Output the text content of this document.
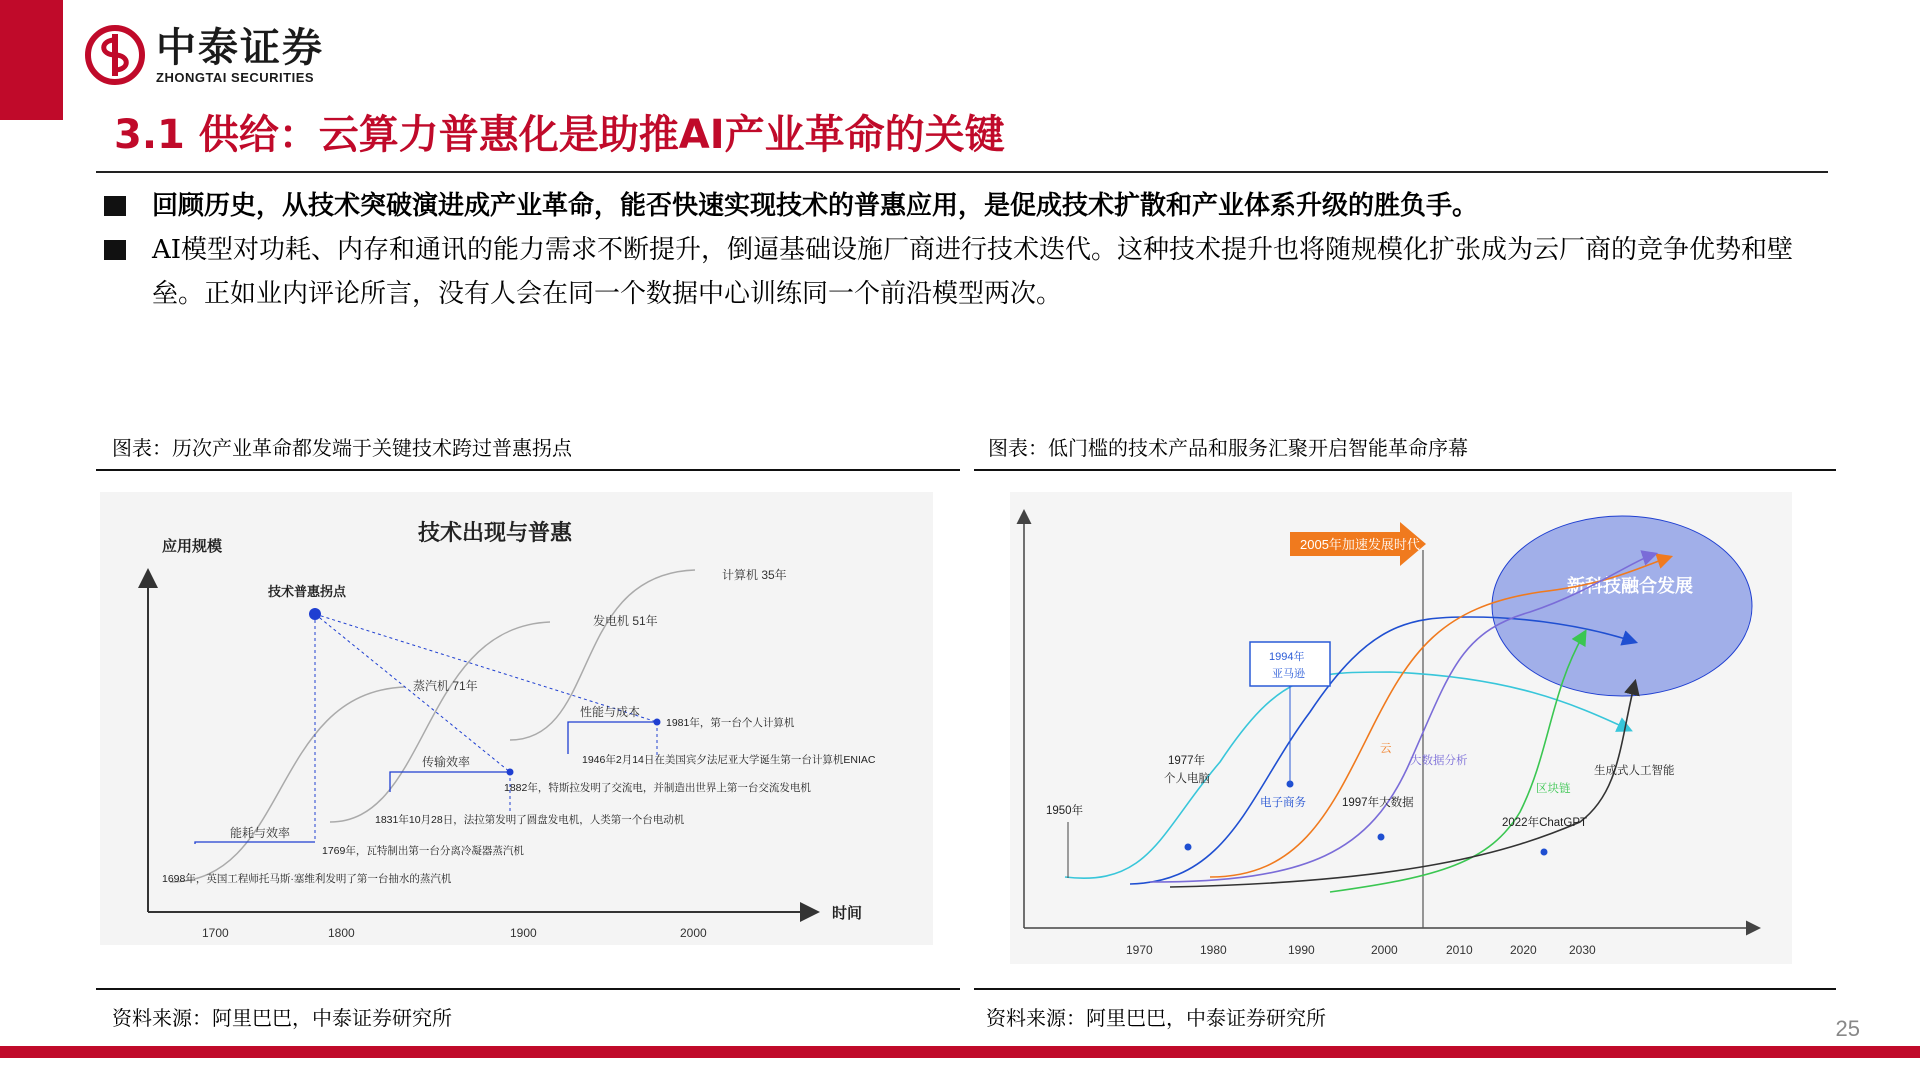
中泰证券
ZHONGTAI SECURITIES
3.1 供给：云算力普惠化是助推AI产业革命的关键
回顾历史，从技术突破演进成产业革命，能否快速实现技术的普惠应用，是促成技术扩散和产业体系升级的胜负手。
AI模型对功耗、内存和通讯的能力需求不断提升，倒逼基础设施厂商进行技术迭代。这种技术提升也将随规模化扩张成为云厂商的竞争优势和壁垒。正如业内评论所言，没有人会在同一个数据中心训练同一个前沿模型两次。
图表：历次产业革命都发端于关键技术跨过普惠拐点
技术出现与普惠
应用规模
时间
1700	1800	1900	2000
蒸汽机 71年
发电机 51年
计算机 35年
技术普惠拐点
能耗与效率
传输效率
性能与成本
1698年，英国工程师托马斯·塞维利发明了第一台抽水的蒸汽机
1769年，瓦特制出第一台分离冷凝器蒸汽机
1831年10月28日，法拉第发明了圆盘发电机，人类第一个台电动机
1882年，特斯拉发明了交流电，并制造出世界上第一台交流发电机
1946年2月14日在美国宾夕法尼亚大学诞生第一台计算机ENIAC
1981年，第一台个人计算机
资料来源：阿里巴巴，中泰证券研究所
图表：低门槛的技术产品和服务汇聚开启智能革命序幕
1970	1980	1990	2000	2010	2020	2030
2005年加速发展时代
新科技融合发展
1994年
亚马逊
1950年
1977年
个人电脑
1997年大数据
2022年ChatGPT
电子商务
云
大数据分析
区块链
生成式人工智能
资料来源：阿里巴巴，中泰证券研究所	25
